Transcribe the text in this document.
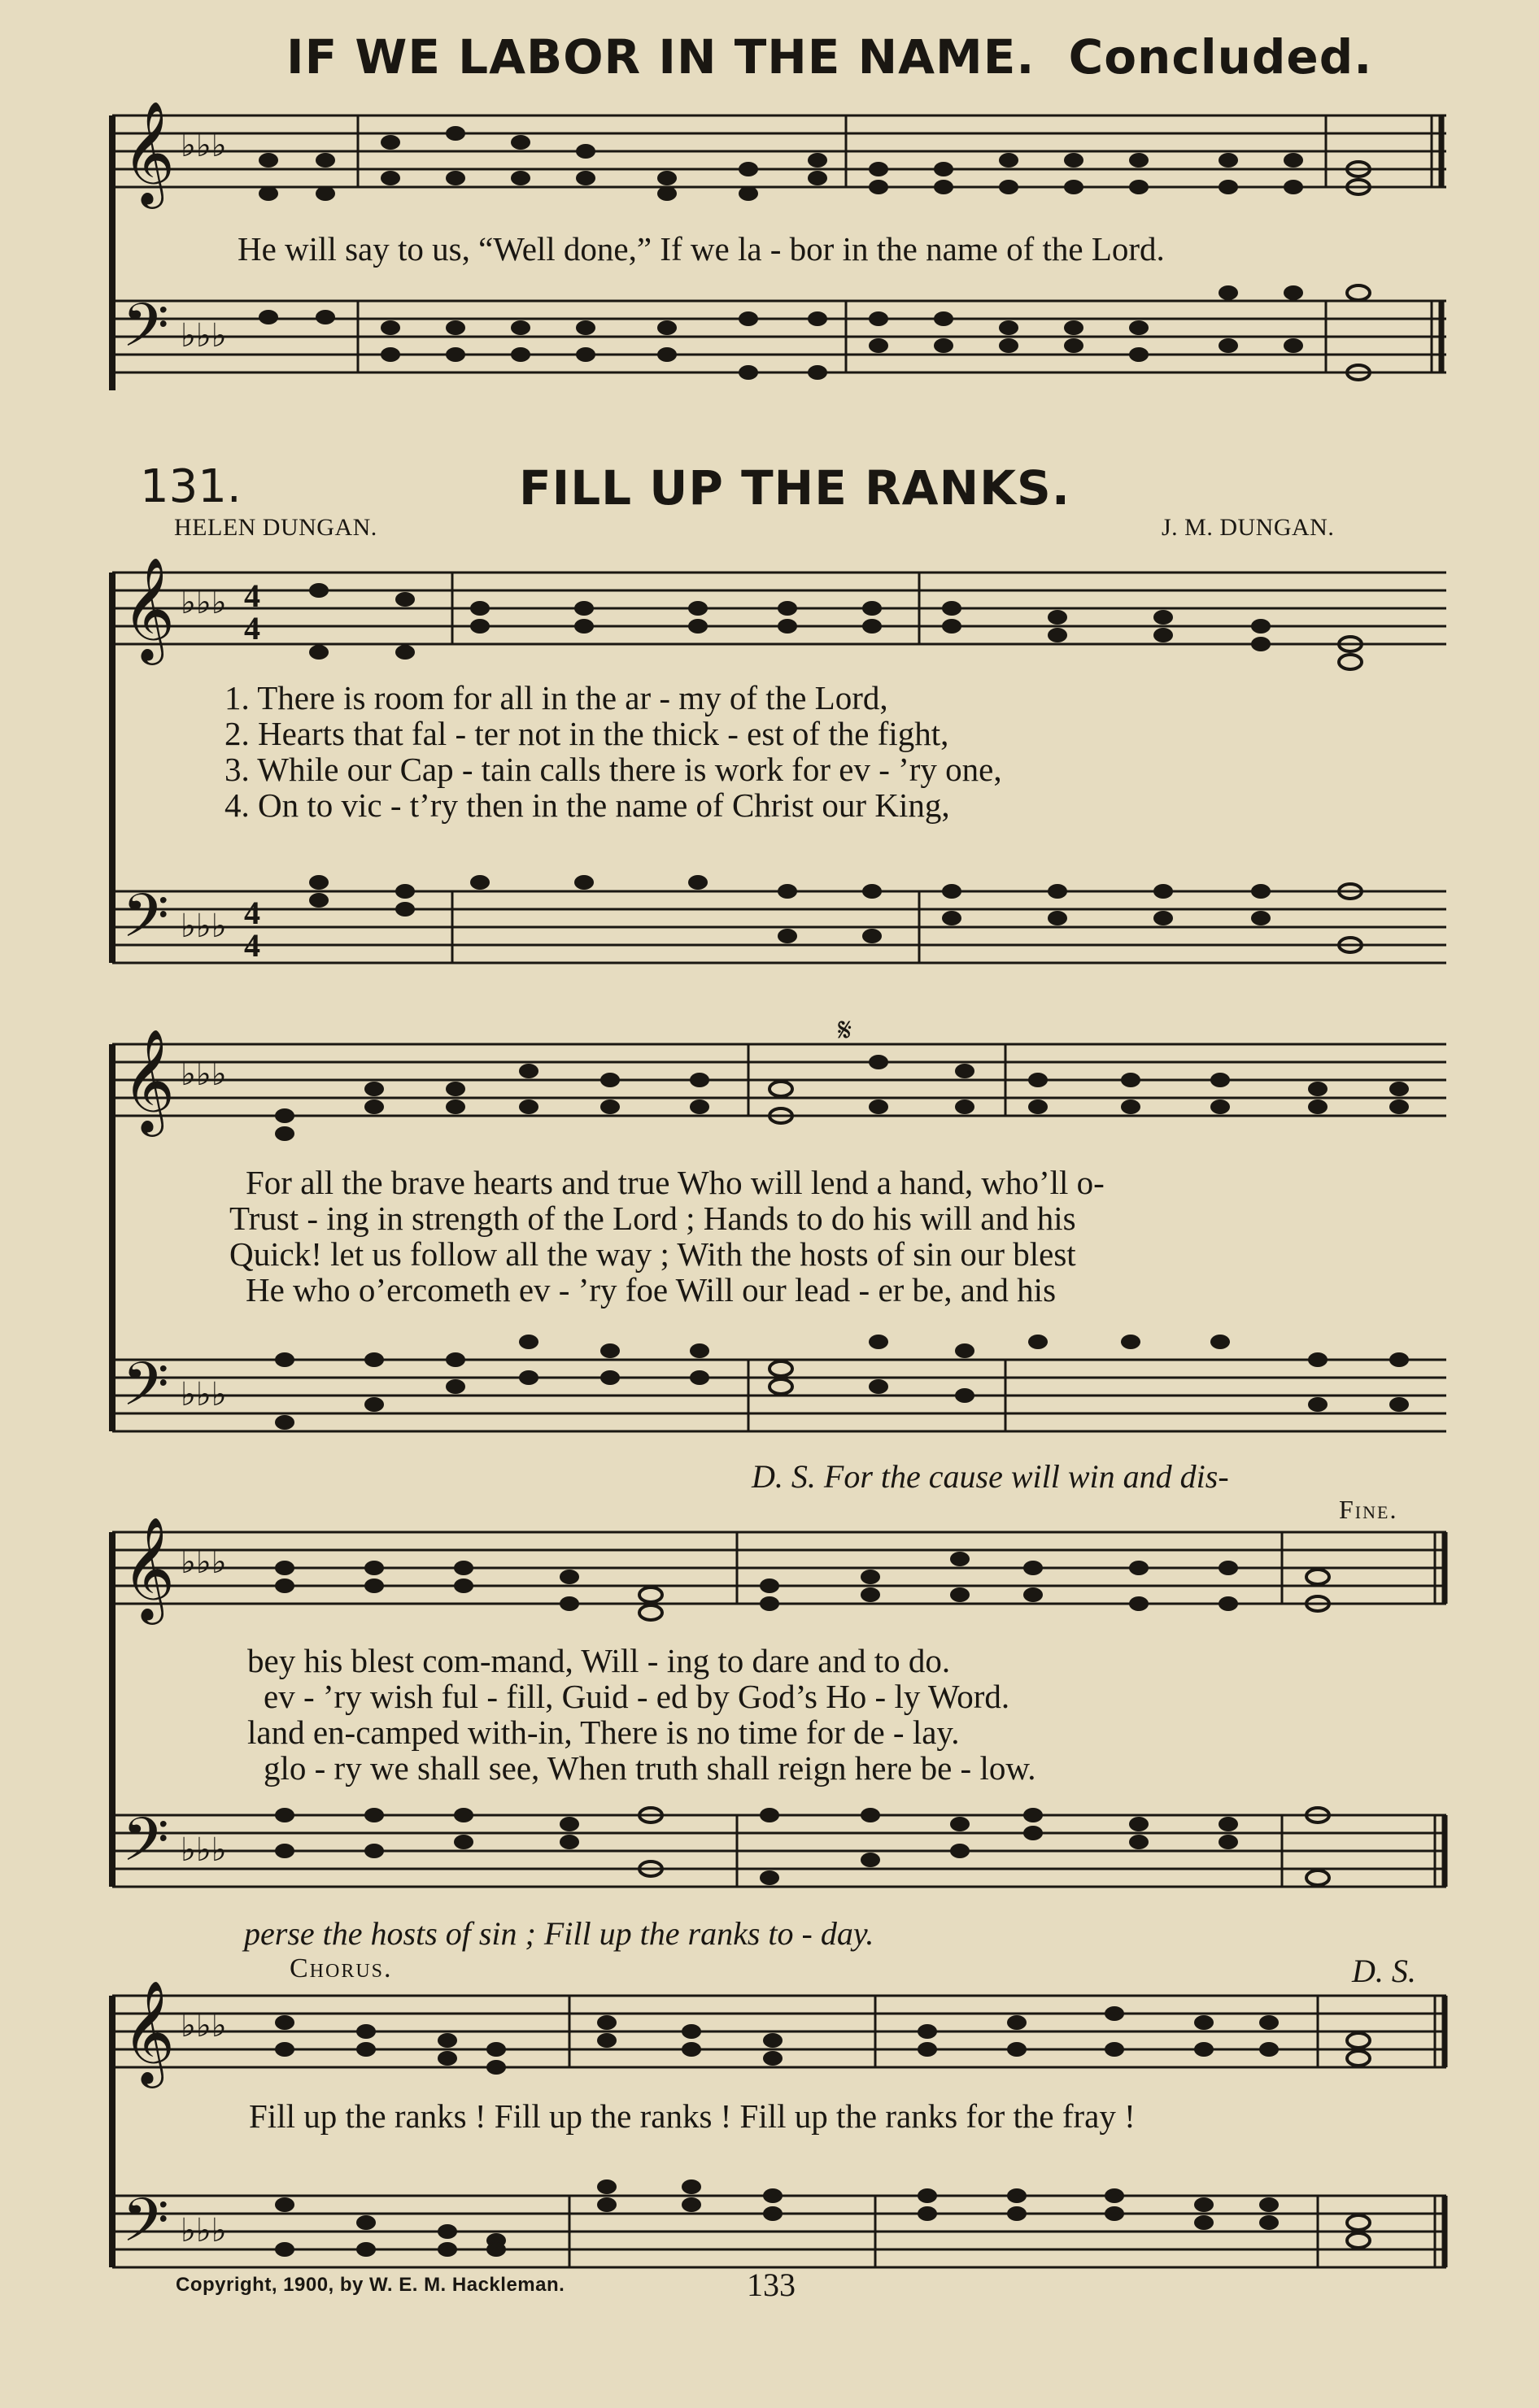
IF WE LABOR IN THE NAME. Concluded.
𝄞
𝄢
♭♭♭
♭♭♭
He will say to us, “Well done,” If we la - bor in the name of the Lord.
131.	FILL UP THE RANKS.
HELEN DUNGAN.	J. M. DUNGAN.
𝄞
𝄢
♭♭♭
♭♭♭
4
4
4
4
1. There is room for all in the ar - my of the Lord,
2. Hearts that fal - ter not in the thick - est of the fight,
3. While our Cap - tain calls there is work for ev - ’ry one,
4. On to vic - t’ry then in the name of Christ our King,
𝄞
𝄢
♭♭♭
♭♭♭
𝄋
For all the brave hearts and true Who will lend a hand, who’ll o-
Trust - ing in strength of the Lord ; Hands to do his will and his
Quick! let us follow all the way ; With the hosts of sin our blest
He who o’ercometh ev - ’ry foe Will our lead - er be, and his
D. S. For the cause will win and dis-
Fine.
𝄞
𝄢
♭♭♭
♭♭♭
bey his blest com-mand, Will - ing to dare and to do.
ev - ’ry wish ful - fill, Guid - ed by God’s Ho - ly Word.
land en-camped with-in, There is no time for de - lay.
glo - ry we shall see, When truth shall reign here be - low.
perse the hosts of sin ; Fill up the ranks to - day.
Chorus.	D. S.
𝄞
𝄢
♭♭♭
♭♭♭
Fill up the ranks ! Fill up the ranks ! Fill up the ranks for the fray !
Copyright, 1900, by W. E. M. Hackleman.	133
